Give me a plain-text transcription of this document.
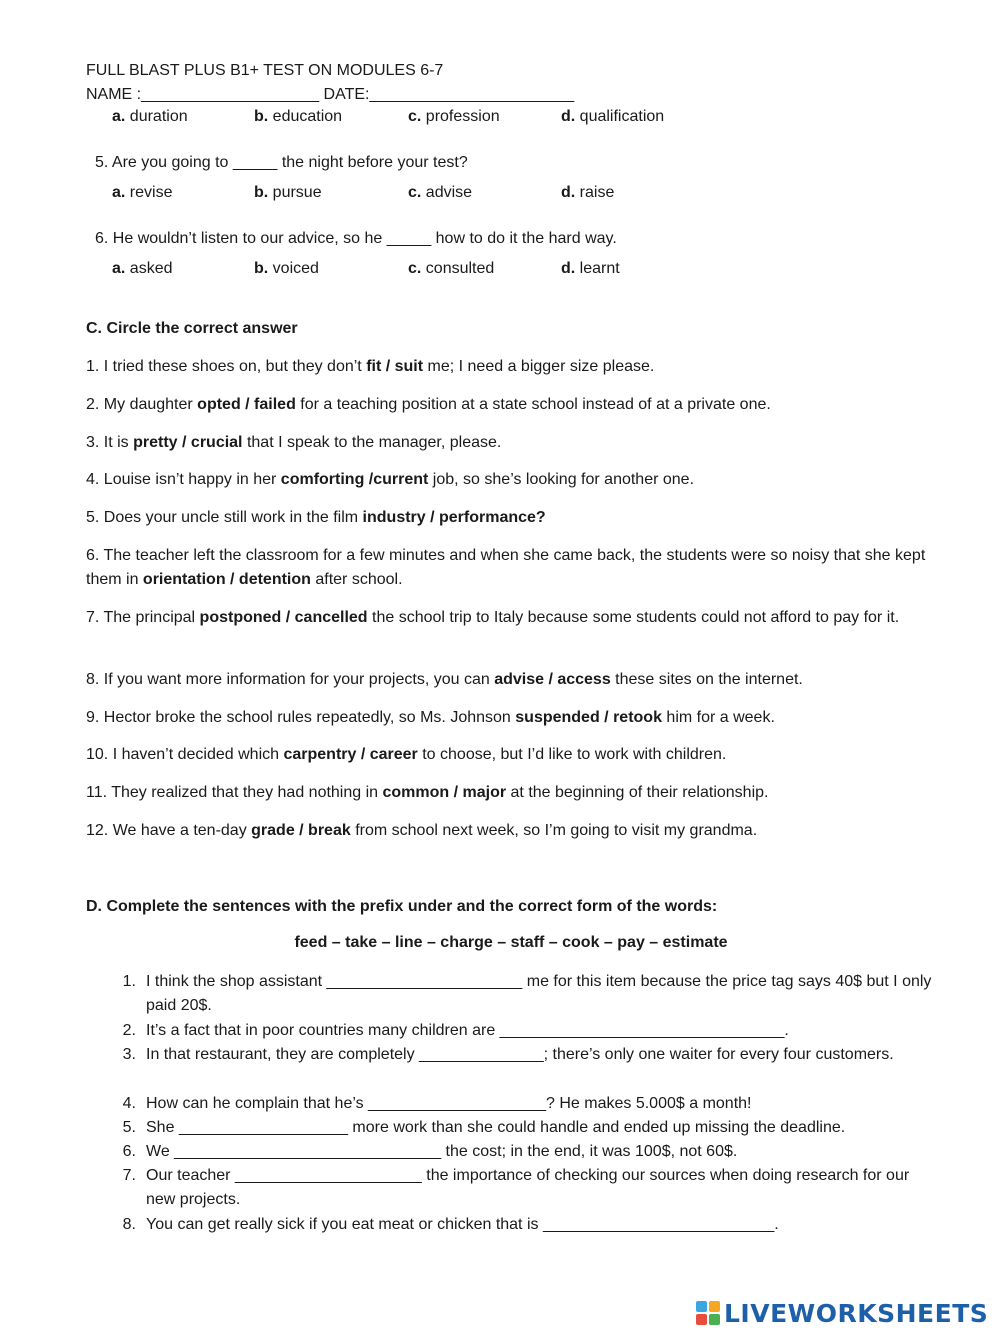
FULL BLAST PLUS B1+ TEST ON MODULES 6-7
NAME :____________________ DATE:_______________________
a. duration	b. education	c. profession	d. qualification
5. Are you going to _____ the night before your test?
a. revise	b. pursue	c. advise	d. raise
6. He wouldn’t listen to our advice, so he _____ how to do it the hard way.
a. asked	b. voiced	c. consulted	d. learnt
C. Circle the correct answer
1. I tried these shoes on, but they don’t fit / suit me; I need a bigger size please.
2. My daughter opted / failed for a teaching position at a state school instead of at a private one.
3. It is pretty / crucial that I speak to the manager, please.
4. Louise isn’t happy in her comforting /current job, so she’s looking for another one.
5. Does your uncle still work in the film industry / performance?
6. The teacher left the classroom for a few minutes and when she came back, the students were so noisy that she kept them in orientation / detention after school.
7. The principal postponed / cancelled the school trip to Italy because some students could not afford to pay for it.
8. If you want more information for your projects, you can advise / access these sites on the internet.
9. Hector broke the school rules repeatedly, so Ms. Johnson suspended / retook him for a week.
10. I haven’t decided which carpentry / career to choose, but I’d like to work with children.
11. They realized that they had nothing in common / major at the beginning of their relationship.
12. We have a ten-day grade / break from school next week, so I’m going to visit my grandma.
D. Complete the sentences with the prefix under and the correct form of the words:
feed – take – line – charge – staff – cook – pay – estimate
1. I think the shop assistant ______________________ me for this item because the price tag says 40$ but I only paid 20$.
2. It’s a fact that in poor countries many children are ________________________________.
3. In that restaurant, they are completely ______________; there’s only one waiter for every four customers.
4. How can he complain that he’s ____________________? He makes 5.000$ a month!
5. She ___________________ more work than she could handle and ended up missing the deadline.
6. We ______________________________ the cost; in the end, it was 100$, not 60$.
7. Our teacher _____________________ the importance of checking our sources when doing research for our new projects.
8. You can get really sick if you eat meat or chicken that is __________________________.
LIVEWORKSHEETS
